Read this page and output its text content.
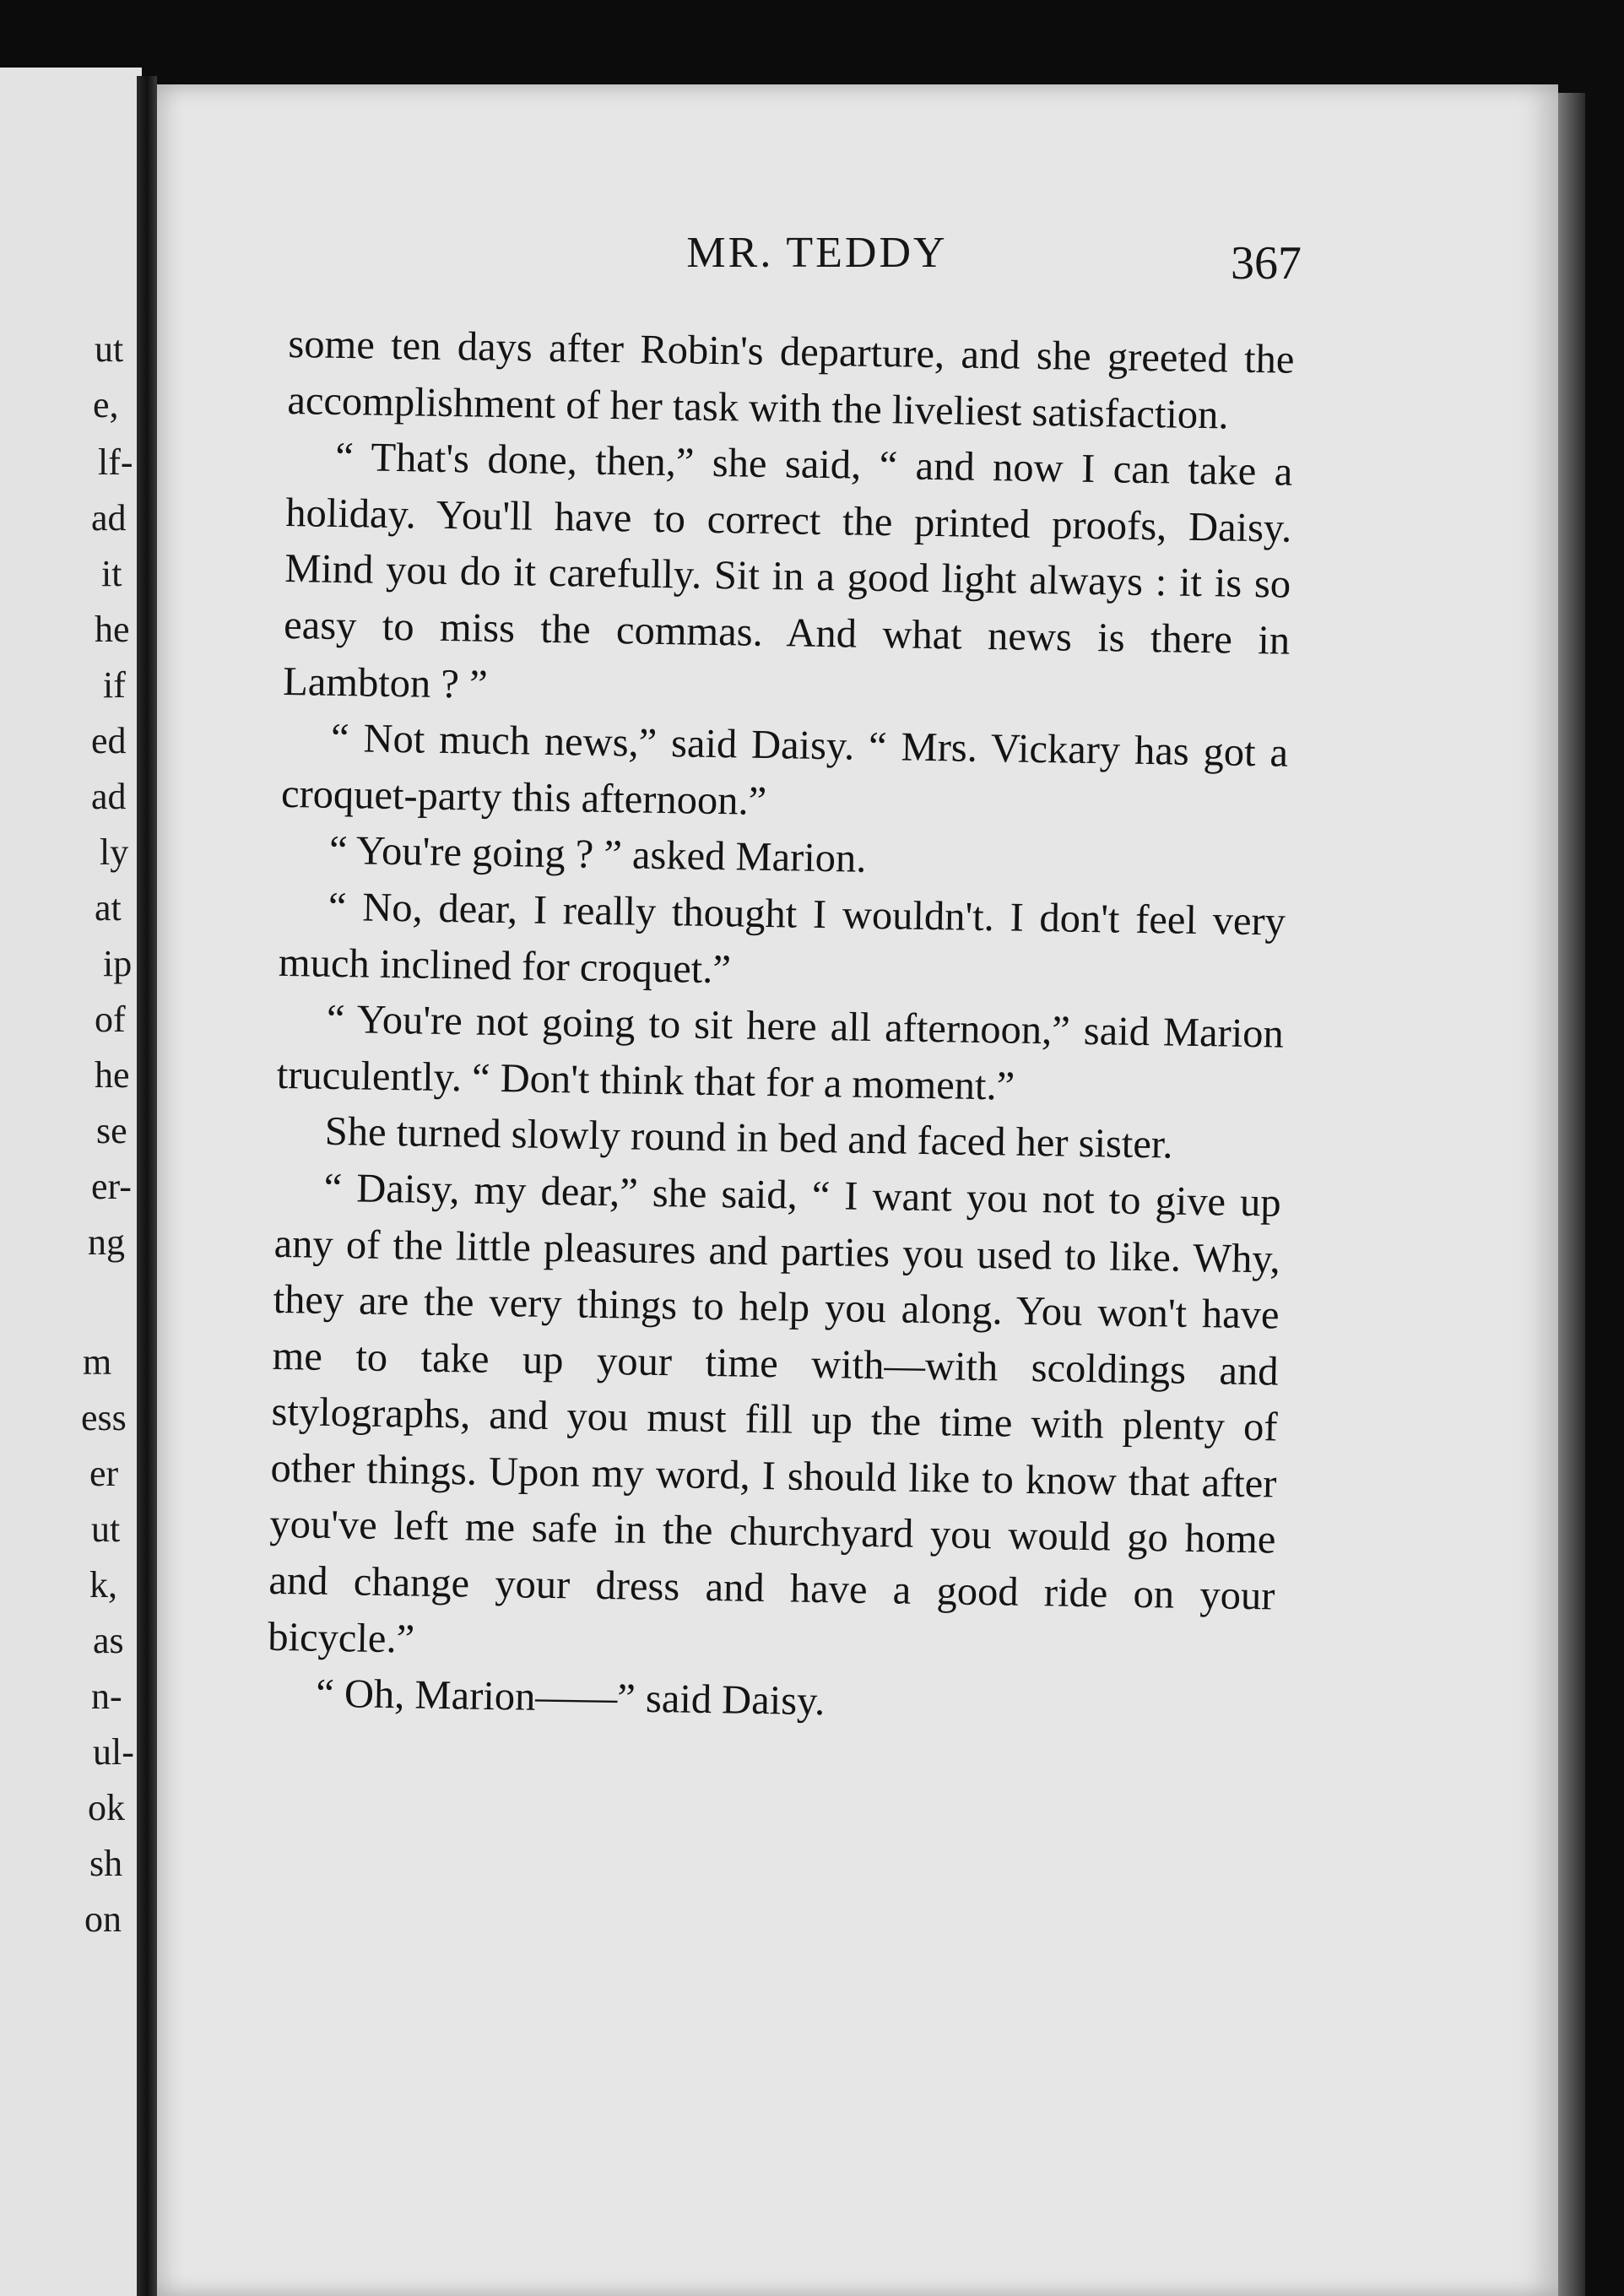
ut
e,
lf-
ad
it
he
if
ed
ad
ly
at
ip
of
he
se
er-
ng
m
ess
er
ut
k,
as
n-
ul-
ok
sh
on
MR. TEDDY	367

some ten days after Robin's departure, and she greeted the accomplishment of her task with the liveliest satisfaction.

“ That's done, then,” she said, “ and now I can take a holiday. You'll have to correct the printed proofs, Daisy. Mind you do it carefully. Sit in a good light always : it is so easy to miss the commas. And what news is there in Lambton ? ”

“ Not much news,” said Daisy. “ Mrs. Vickary has got a croquet-party this afternoon.”

“ You're going ? ” asked Marion.

“ No, dear, I really thought I wouldn't. I don't feel very much inclined for croquet.”

“ You're not going to sit here all afternoon,” said Marion truculently. “ Don't think that for a moment.”

She turned slowly round in bed and faced her sister.

“ Daisy, my dear,” she said, “ I want you not to give up any of the little pleasures and parties you used to like. Why, they are the very things to help you along. You won't have me to take up your time with—with scoldings and stylographs, and you must fill up the time with plenty of other things. Upon my word, I should like to know that after you've left me safe in the churchyard you would go home and change your dress and have a good ride on your bicycle.”

“ Oh, Marion——” said Daisy.
